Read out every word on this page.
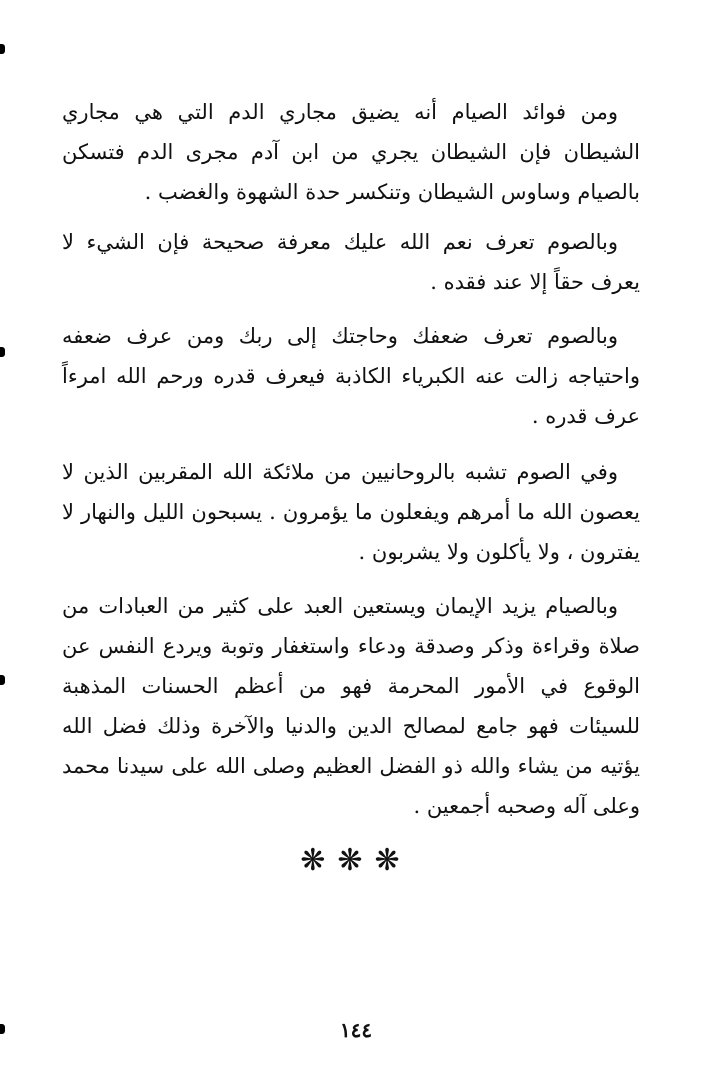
ومن فوائد الصيام أنه يضيق مجاري الدم التي هي مجاري الشيطان فإن الشيطان يجري من ابن آدم مجرى الدم فتسكن بالصيام وساوس الشيطان وتنكسر حدة الشهوة والغضب .

وبالصوم تعرف نعم الله عليك معرفة صحيحة فإن الشيء لا يعرف حقاً إلا عند فقده .

وبالصوم تعرف ضعفك وحاجتك إلى ربك ومن عرف ضعفه واحتياجه زالت عنه الكبرياء الكاذبة فيعرف قدره ورحم الله امرءاً عرف قدره .

وفي الصوم تشبه بالروحانيين من ملائكة الله المقربين الذين لا يعصون الله ما أمرهم ويفعلون ما يؤمرون . يسبحون الليل والنهار لا يفترون ، ولا يأكلون ولا يشربون .

وبالصيام يزيد الإيمان ويستعين العبد على كثير من العبادات من صلاة وقراءة وذكر وصدقة ودعاء واستغفار وتوبة ويردع النفس عن الوقوع في الأمور المحرمة فهو من أعظم الحسنات المذهبة للسيئات فهو جامع لمصالح الدين والدنيا والآخرة وذلك فضل الله يؤتيه من يشاء والله ذو الفضل العظيم وصلى الله على سيدنا محمد وعلى آله وصحبه أجمعين .

❋❋❋
١٤٤
